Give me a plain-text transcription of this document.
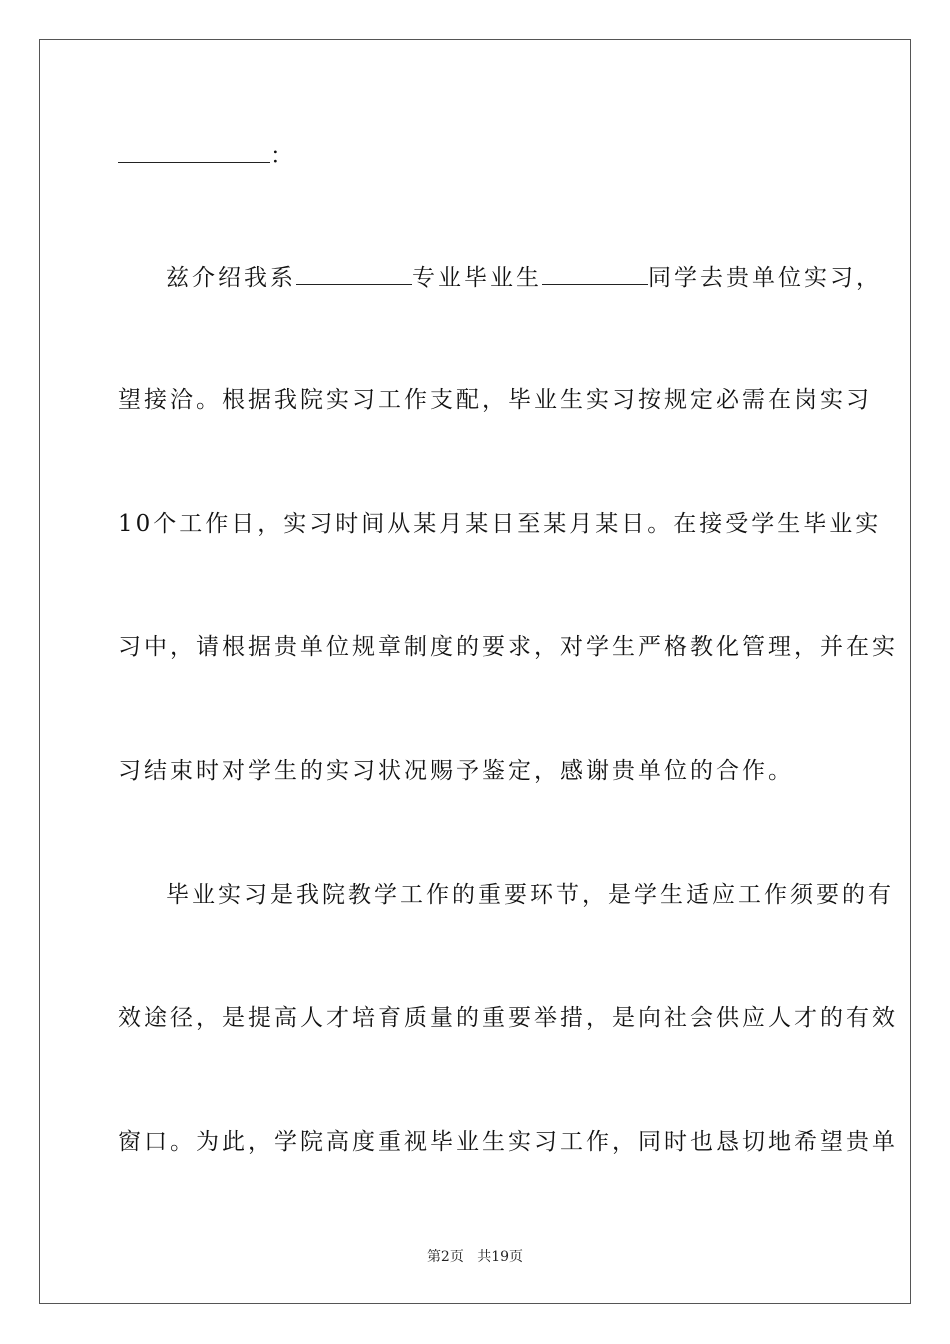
：
兹介绍我系	专业毕业生	同学去贵单位实习，
望接洽。根据我院实习工作支配，毕业生实习按规定必需在岗实习
10个工作日，实习时间从某月某日至某月某日。在接受学生毕业实
习中，请根据贵单位规章制度的要求，对学生严格教化管理，并在实
习结束时对学生的实习状况赐予鉴定，感谢贵单位的合作。
毕业实习是我院教学工作的重要环节，是学生适应工作须要的有
效途径，是提高人才培育质量的重要举措，是向社会供应人才的有效
窗口。为此，学院高度重视毕业生实习工作，同时也恳切地希望贵单
第2页 共19页
